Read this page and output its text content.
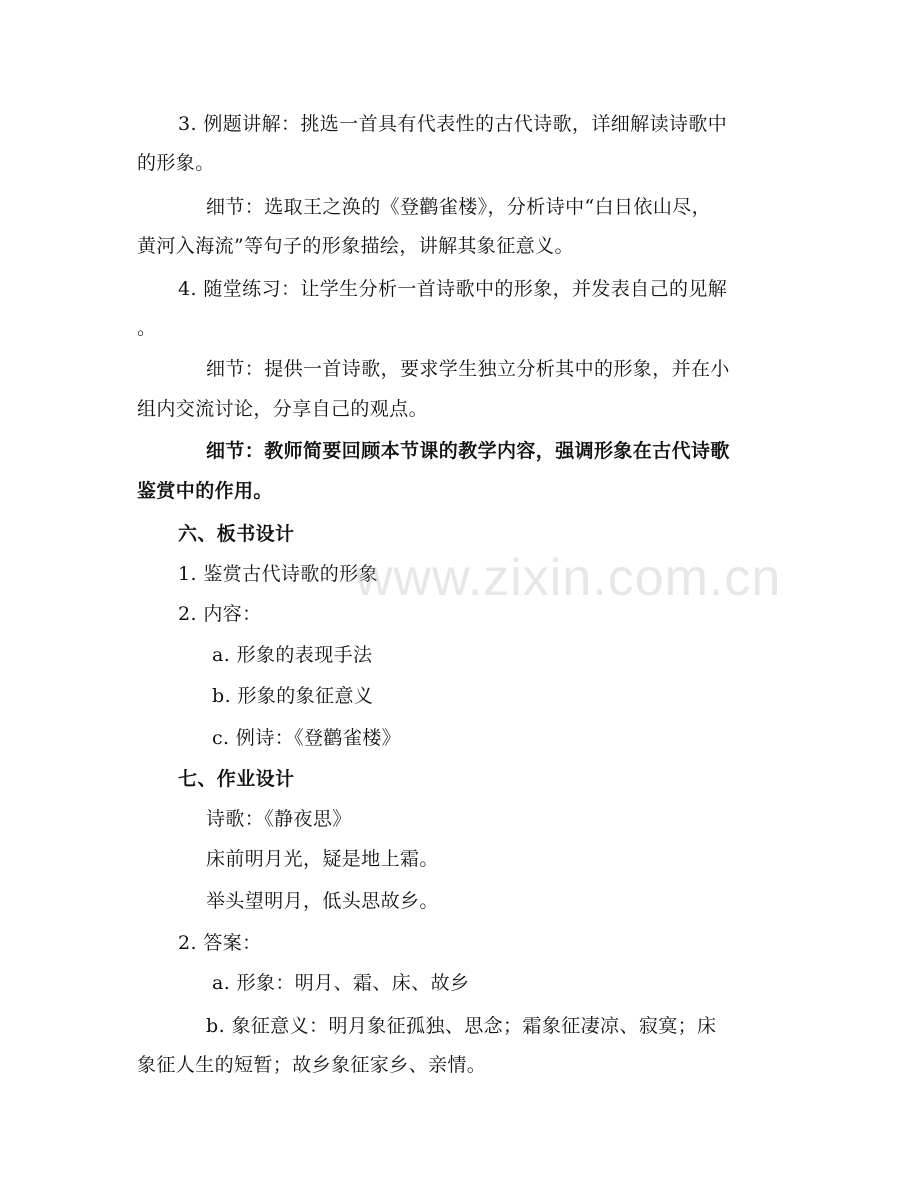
3. 例题讲解：挑选一首具有代表性的古代诗歌，详细解读诗歌中
的形象。
细节：选取王之涣的《登鹳雀楼》，分析诗中“白日依山尽，
黄河入海流”等句子的形象描绘，讲解其象征意义。
4. 随堂练习：让学生分析一首诗歌中的形象，并发表自己的见解
。
细节：提供一首诗歌，要求学生独立分析其中的形象，并在小
组内交流讨论，分享自己的观点。
细节：教师简要回顾本节课的教学内容，强调形象在古代诗歌
鉴赏中的作用。
六、板书设计
1. 鉴赏古代诗歌的形象
2. 内容：
a. 形象的表现手法
b. 形象的象征意义
c. 例诗：《登鹳雀楼》
七、作业设计
诗歌：《静夜思》
床前明月光，疑是地上霜。
举头望明月，低头思故乡。
2. 答案：
a. 形象：明月、霜、床、故乡
b. 象征意义：明月象征孤独、思念；霜象征凄凉、寂寞；床
象征人生的短暂；故乡象征家乡、亲情。
www.zixin.com.cn
